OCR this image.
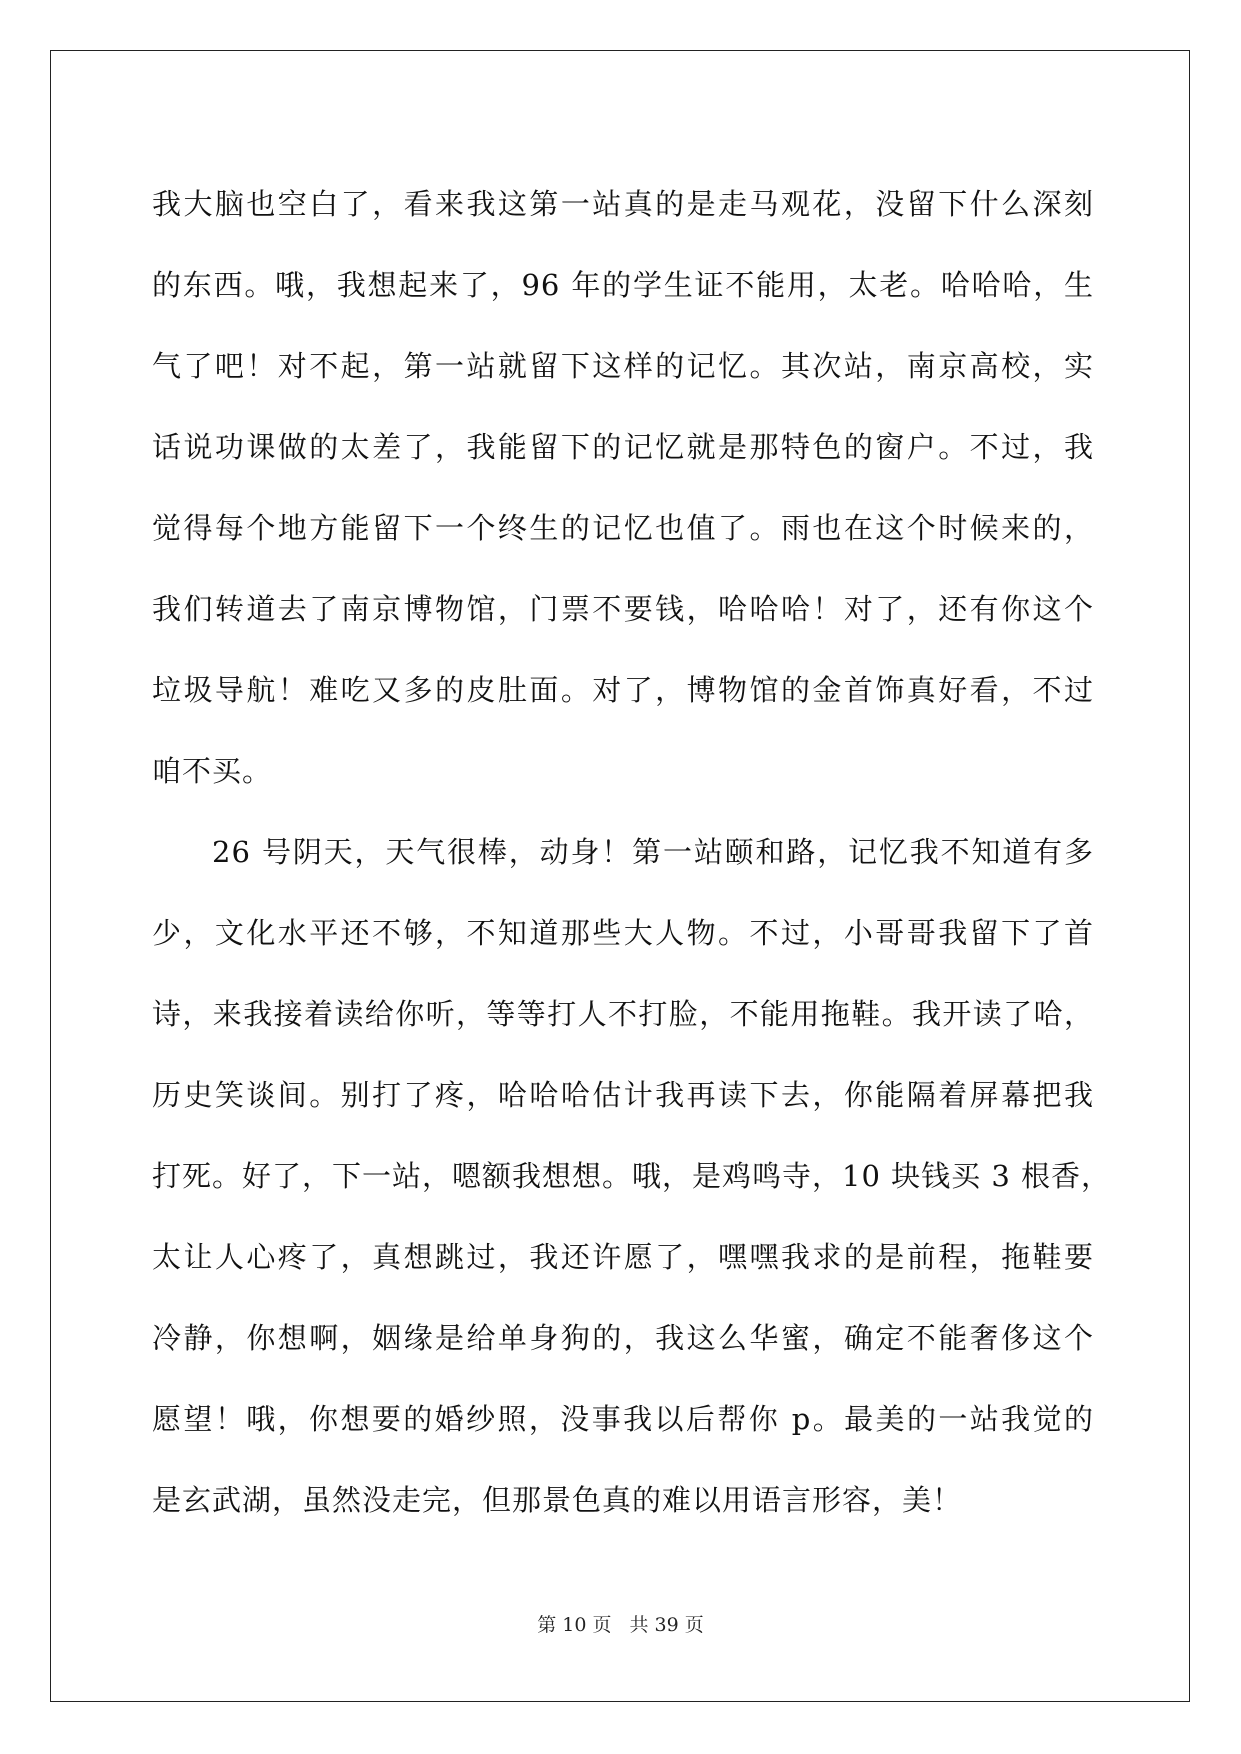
我大脑也空白了，看来我这第一站真的是走马观花，没留下什么深刻
的东西。哦，我想起来了，96 年的学生证不能用，太老。哈哈哈，生
气了吧！对不起，第一站就留下这样的记忆。其次站，南京高校，实
话说功课做的太差了，我能留下的记忆就是那特色的窗户。不过，我
觉得每个地方能留下一个终生的记忆也值了。雨也在这个时候来的，
我们转道去了南京博物馆，门票不要钱，哈哈哈！对了，还有你这个
垃圾导航！难吃又多的皮肚面。对了，博物馆的金首饰真好看，不过
咱不买。
26 号阴天，天气很棒，动身！第一站颐和路，记忆我不知道有多
少，文化水平还不够，不知道那些大人物。不过，小哥哥我留下了首
诗，来我接着读给你听，等等打人不打脸，不能用拖鞋。我开读了哈，
历史笑谈间。别打了疼，哈哈哈估计我再读下去，你能隔着屏幕把我
打死。好了，下一站，嗯额我想想。哦，是鸡鸣寺，10 块钱买 3 根香，
太让人心疼了，真想跳过，我还许愿了，嘿嘿我求的是前程，拖鞋要
冷静，你想啊，姻缘是给单身狗的，我这么华蜜，确定不能奢侈这个
愿望！哦，你想要的婚纱照，没事我以后帮你 p。最美的一站我觉的
是玄武湖，虽然没走完，但那景色真的难以用语言形容，美！
第 10 页 共 39 页
